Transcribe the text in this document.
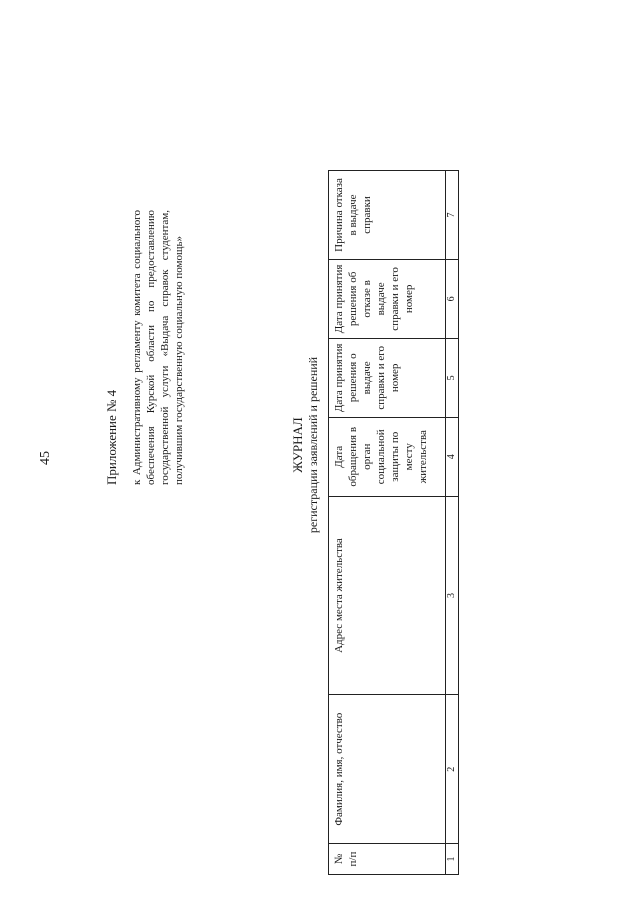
45	Приложение № 4 к Административному регламенту комитета социального обеспечения Курской области по предоставлению государственной услуги «Выдача справок студентам, получившим государственную социальную помощь»	ЖУРНАЛ регистрации заявлений и решений
№ п/п	Фамилия, имя, отчество	Адрес места жительства	Дата обращения в орган социальной защиты по месту жительства	Дата принятия решения о выдаче справки и его номер	Дата принятия решения об отказе в выдаче справки и его номер	Причина отказа в выдаче справки
1	2	3	4	5	6	7
